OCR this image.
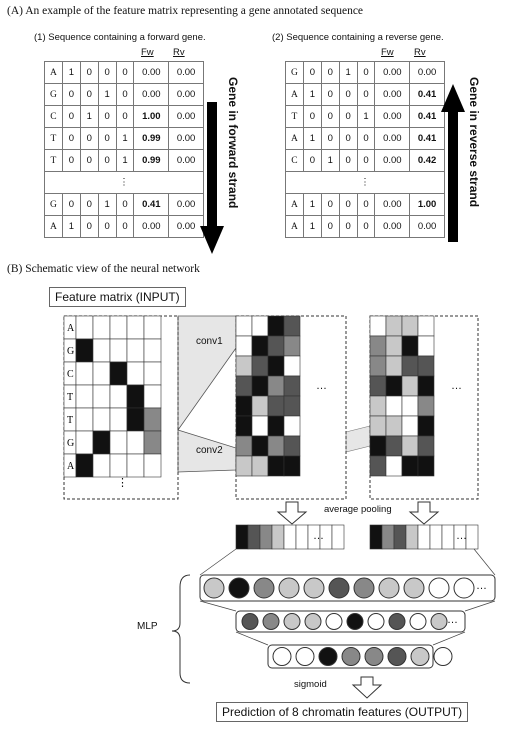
(A) An example of the feature matrix representing a gene annotated sequence
(1) Sequence containing a forward gene.	(2) Sequence containing a reverse gene.
Fw Rv	Fw Rv
A	1	0	0	0	0.00	0.00
G	0	0	1	0	0.00	0.00
C	0	1	0	0	1.00	0.00
T	0	0	0	1	0.99	0.00
T	0	0	0	1	0.99	0.00
⋮						
G	0	0	1	0	0.41	0.00
A	1	0	0	0	0.00	0.00
G	0	0	1	0	0.00	0.00
A	1	0	0	0	0.00	0.41
T	0	0	0	1	0.00	0.41
A	1	0	0	0	0.00	0.41
C	0	1	0	0	0.00	0.42
⋮						
A	1	0	0	0	0.00	1.00
A	1	0	0	0	0.00	0.00
Gene in forward strand	Gene in reverse strand
(B) Schematic view of the neural network
Feature matrix (INPUT)
A
G
C
T
T
G
A
conv1
conv2
average pooling
MLP
sigmoid
Prediction of 8 chromatin features (OUTPUT)
…	…
⋮
…	…
…
…
